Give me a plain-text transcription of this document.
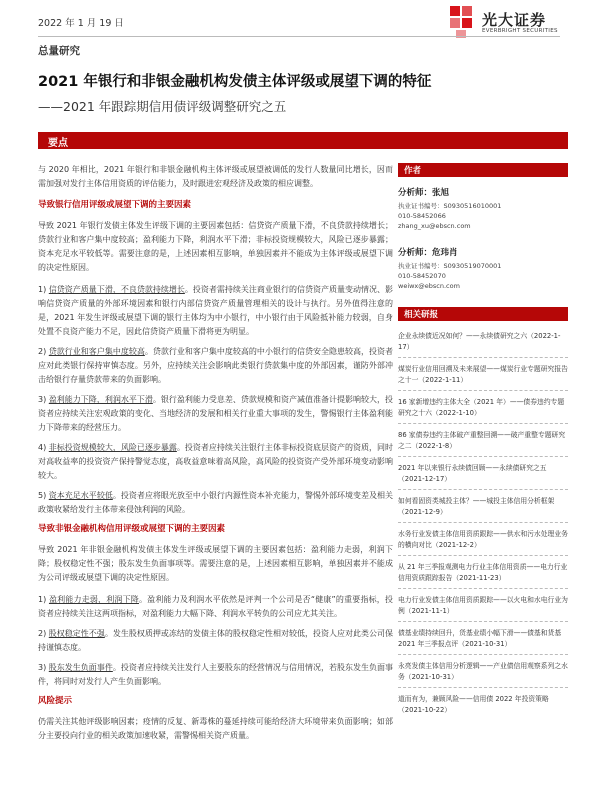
2022 年 1 月 19 日	光大证券
EVERBRIGHT SECURITIES
总量研究
2021 年银行和非银金融机构发债主体评级或展望下调的特征
——2021 年跟踪期信用债评级调整研究之五
要点

与 2020 年相比，2021 年银行和非银金融机构主体评级或展望被调低的发行人数量同比增长，因而需加强对发行主体信用资质的评估能力，及时跟进宏观经济及政策的相应调整。

导致银行信用评级或展望下调的主要因素

导致 2021 年银行发债主体发生评级下调的主要因素包括：信贷资产质量下滑，不良贷款持续增长；贷款行业和客户集中度较高；盈利能力下降，利润水平下滑；非标投资规模较大，风险已逐步暴露；资本充足水平较低等。需要注意的是，上述因素相互影响，单独因素并不能成为主体评级或展望下调的决定性原因。

1) 信贷资产质量下滑，不良贷款持续增长。投资者需持续关注商业银行的信贷资产质量变动情况、影响信贷资产质量的外部环境因素和银行内部信贷资产质量管理相关的设计与执行。另外值得注意的是，2021 年发生评级或展望下调的银行主体均为中小银行，中小银行由于风险抵补能力较弱，自身处置不良资产能力不足，因此信贷资产质量下滑将更为明显。

2) 贷款行业和客户集中度较高。贷款行业和客户集中度较高的中小银行的信贷安全隐患较高，投资者应对此类银行保持审慎态度。另外，应持续关注会影响此类银行贷款集中度的外部因素，谨防外部冲击给银行存量贷款带来的负面影响。

3) 盈利能力下降，利润水平下滑。银行盈利能力受息差、贷款规模和资产减值准备计提影响较大，投资者应持续关注宏观政策的变化、当地经济的发展和相关行业重大事项的发生，警惕银行主体盈利能力下降带来的经营压力。

4) 非标投资规模较大，风险已逐步暴露。投资者应持续关注银行主体非标投资底层资产的资质，同时对高收益率的投资资产保持警觉态度，高收益意味着高风险，高风险的投资资产受外部环境变动影响较大。

5) 资本充足水平较低。投资者应将眼光放至中小银行内源性资本补充能力，警惕外部环境变差及相关政策收紧给发行主体带来侵蚀利润的风险。

导致非银金融机构信用评级或展望下调的主要因素

导致 2021 年非银金融机构发债主体发生评级或展望下调的主要因素包括：盈利能力走弱，利润下降；股权稳定性不强；股东发生负面事项等。需要注意的是，上述因素相互影响，单独因素并不能成为公司评级或展望下调的决定性原因。

1) 盈利能力走弱，利润下降。盈利能力及利润水平依然是评判一个公司是否“健康”的重要指标，投资者应持续关注这两项指标，对盈利能力大幅下降、利润水平转负的公司应尤其关注。

2) 股权稳定性不强。发生股权质押或冻结的发债主体的股权稳定性相对较低，投资人应对此类公司保持谨慎态度。

3) 股东发生负面事件。投资者应持续关注发行人主要股东的经营情况与信用情况，若股东发生负面事件，将同时对发行人产生负面影响。

风险提示

仍需关注其他评级影响因素；疫情的反复、新毒株的蔓延持续可能给经济大环境带来负面影响；如部分主要投向行业的相关政策加速收紧，需警惕相关资产质量。

作者
分析师：张旭
执业证书编号：S0930516010001
010-58452066
zhang_xu@ebscn.com
分析师：危玮肖
执业证书编号：S0930519070001
010-58452070
weiwx@ebscn.com
相关研报
企业永续债近况如何？——永续债研究之六（2022-1-17）
煤炭行业信用回溯及未来展望——煤炭行业专题研究报告之十一（2022-1-11）
16 家新增违约主体大全（2021 年）——债券违约专题研究之十六（2022-1-10）
86 家债券违约主体破产重整回溯——破产重整专题研究之二（2022-1-8）
2021 年以来银行永续债回顾——永续债研究之五（2021-12-17）
如何看固资类城投主体？——城投主体信用分析框架（2021-12-9）
水务行业发债主体信用资质跟踪——供水和污水处理业务的横向对比（2021-12-2）
从 21 年三季报观测电力行业主体信用资质——电力行业信用资质跟踪报告（2021-11-23）
电力行业发债主体信用资质跟踪——以火电和水电行业为例（2021-11-1）
债基业绩持续回升，货基业绩小幅下滑——债基和货基 2021 年三季报点评（2021-10-31）
永亮发债主体信用分析逻辑——产业债信用观察系列之水务（2021-10-31）
道而有为，兼顾风险——信用债 2022 年投资策略（2021-10-22）
